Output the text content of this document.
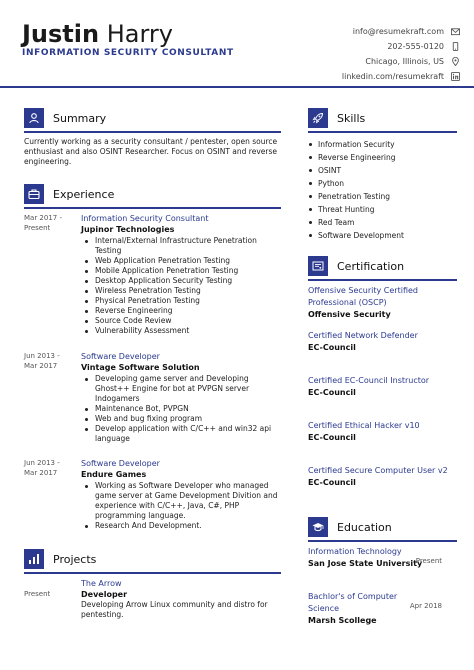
Justin Harry
INFORMATION SECURITY CONSULTANT
info@resumekraft.com
202-555-0120
Chicago, Illinois, US
linkedin.com/resumekraft
Summary
Currently working as a security consultant / pentester, open source enthusiast and also OSINT Researcher. Focus on OSINT and reverse engineering.
Experience
Mar 2017 - Present
Information Security Consultant
Jupinor Technologies
Internal/External Infrastructure Penetration Testing
Web Application Penetration Testing
Mobile Application Penetration Testing
Desktop Application Security Testing
Wireless Penetration Testing
Physical Penetration Testing
Reverse Engineering
Source Code Review
Vulnerability Assessment
Jun 2013 - Mar 2017
Software Developer
Vintage Software Solution
Developing game server and Developing Ghost++ Engine for bot at PVPGN server Indogamers
Maintenance Bot, PVPGN
Web and bug fixing program
Develop application with C/C++ and win32 api language
Jun 2013 - Mar 2017
Software Developer
Endure Games
Working as Software Developer who managed game server at Game Development Divition and experience with C/C++, Java, C#, PHP programming language.
Research And Development.
Projects
Present
The Arrow
Developer
Developing Arrow Linux community and distro for pentesting.
Skills
Information Security
Reverse Engineering
OSINT
Python
Penetration Testing
Threat Hunting
Red Team
Software Development
Certification
Offensive Security Certified Professional (OSCP)
Offensive Security
Certified Network Defender
EC-Council
Certified EC-Council Instructor
EC-Council
Certified Ethical Hacker v10
EC-Council
Certified Secure Computer User v2
EC-Council
Education
Information Technology
San Jose State University
Present
Bachlor's of Computer Science
Marsh Scollege
Apr 2018
